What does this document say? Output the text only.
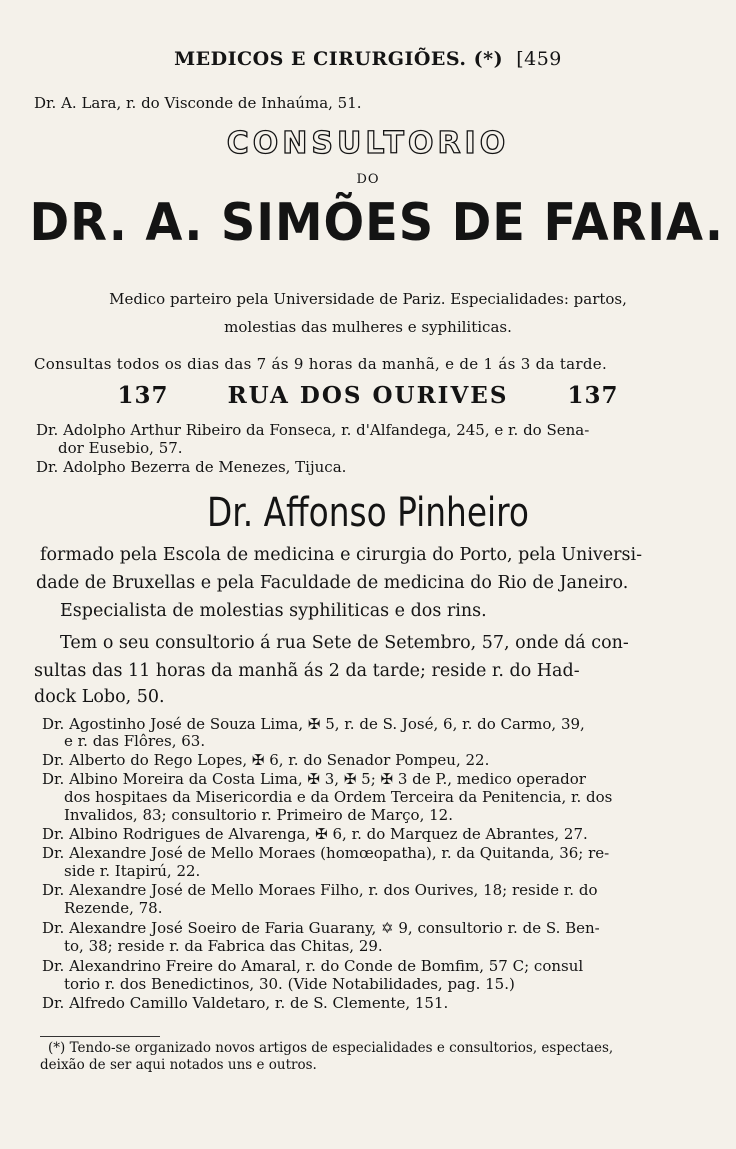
MEDICOS E CIRURGIÕES. (*) [459
Dr. A. Lara, r. do Visconde de Inhaúma, 51.
CONSULTORIO
DO
DR. A. SIMÕES DE FARIA.
Medico parteiro pela Universidade de Pariz. Especialidades: partos,
molestias das mulheres e syphiliticas.
Consultas todos os dias das 7 ás 9 horas da manhã, e de 1 ás 3 da tarde.
137	RUA DOS OURIVES	137
Dr. Adolpho Arthur Ribeiro da Fonseca, r. d'Alfandega, 245, e r. do Sena-
dor Eusebio, 57.
Dr. Adolpho Bezerra de Menezes, Tijuca.
Dr. Affonso Pinheiro
formado pela Escola de medicina e cirurgia do Porto, pela Universi-
dade de Bruxellas e pela Faculdade de medicina do Rio de Janeiro.
Especialista de molestias syphiliticas e dos rins.
Tem o seu consultorio á rua Sete de Setembro, 57, onde dá con-
sultas das 11 horas da manhã ás 2 da tarde; reside r. do Had-
dock Lobo, 50.
Dr. Agostinho José de Souza Lima, ✠ 5, r. de S. José, 6, r. do Carmo, 39,
e r. das Flôres, 63.
Dr. Alberto do Rego Lopes, ✠ 6, r. do Senador Pompeu, 22.
Dr. Albino Moreira da Costa Lima, ✠ 3, ✠ 5; ✠ 3 de P., medico operador
dos hospitaes da Misericordia e da Ordem Terceira da Penitencia, r. dos
Invalidos, 83; consultorio r. Primeiro de Março, 12.
Dr. Albino Rodrigues de Alvarenga, ✠ 6, r. do Marquez de Abrantes, 27.
Dr. Alexandre José de Mello Moraes (homœopatha), r. da Quitanda, 36; re-
side r. Itapirú, 22.
Dr. Alexandre José de Mello Moraes Filho, r. dos Ourives, 18; reside r. do
Rezende, 78.
Dr. Alexandre José Soeiro de Faria Guarany, ✡ 9, consultorio r. de S. Ben-
to, 38; reside r. da Fabrica das Chitas, 29.
Dr. Alexandrino Freire do Amaral, r. do Conde de Bomfim, 57 C; consul
torio r. dos Benedictinos, 30. (Vide Notabilidades, pag. 15.)
Dr. Alfredo Camillo Valdetaro, r. de S. Clemente, 151.
(*) Tendo-se organizado novos artigos de especialidades e consultorios, espectaes,
deixão de ser aqui notados uns e outros.
